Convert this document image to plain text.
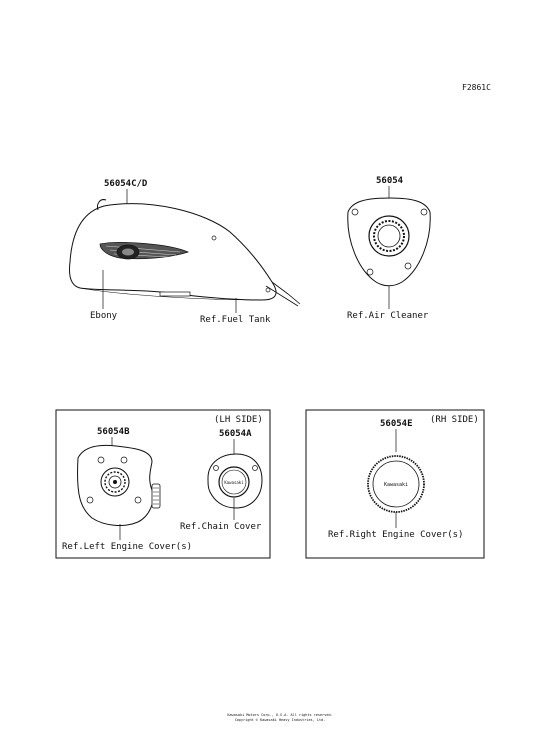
F2861C
56054C/D
Ebony	Ref.Fuel Tank
56054
Ref.Air Cleaner
(LH SIDE)
56054B
Ref.Left Engine Cover(s)
56054A
Kawasaki
Ref.Chain Cover
(RH SIDE)
56054E
Kawasaki
Ref.Right Engine Cover(s)
Kawasaki Motors Corp., U.S.A. All rights reserved.
Copyright © Kawasaki Heavy Industries, Ltd.
